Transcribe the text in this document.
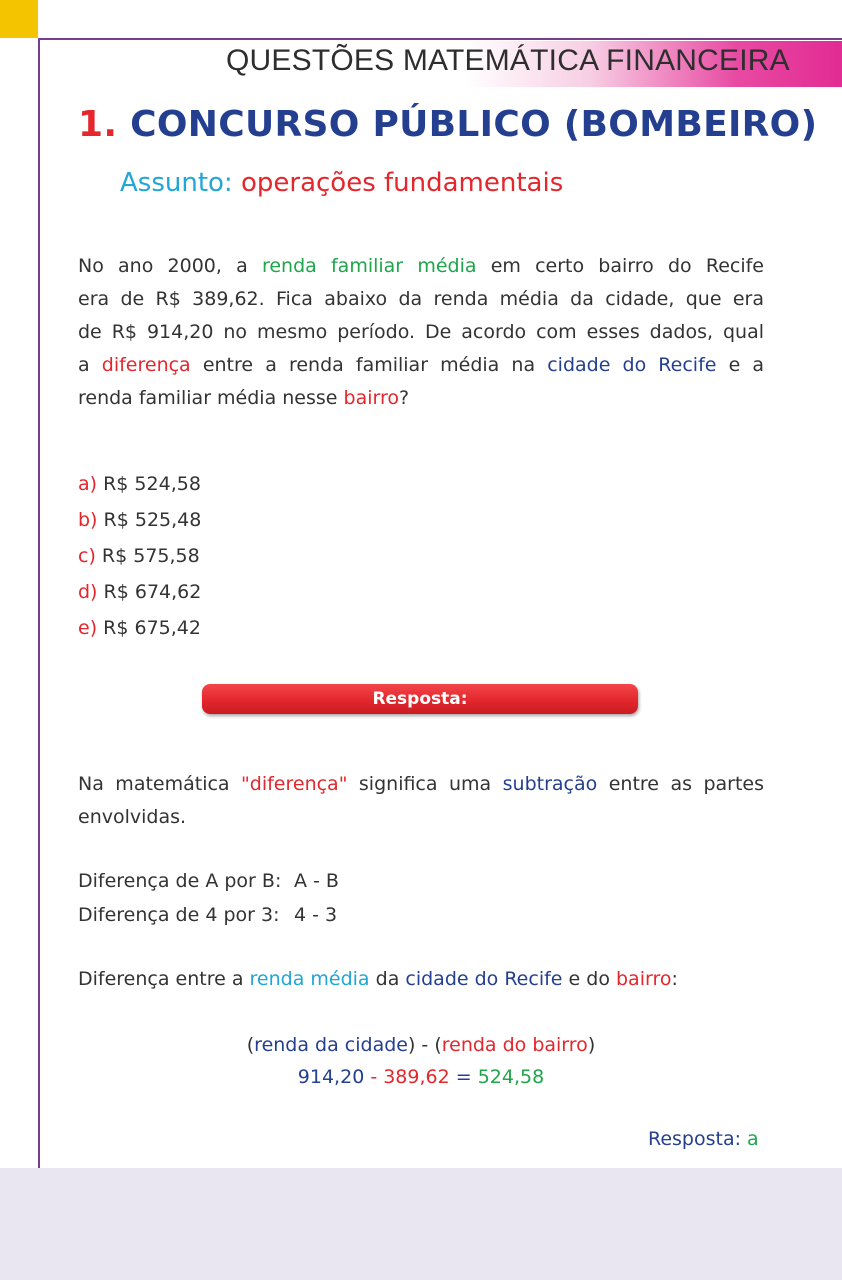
QUESTÕES MATEMÁTICA FINANCEIRA
1. CONCURSO PÚBLICO (BOMBEIRO)
Assunto: operações fundamentais
No ano 2000, a renda familiar média em certo bairro do Recife
era de R$ 389,62. Fica abaixo da renda média da cidade, que era
de R$ 914,20 no mesmo período. De acordo com esses dados, qual
a diferença entre a renda familiar média na cidade do Recife e a
renda familiar média nesse bairro?
a) R$ 524,58
b) R$ 525,48
c) R$ 575,58
d) R$ 674,62
e) R$ 675,42
Resposta:
Na matemática "diferença" significa uma subtração entre as partes
envolvidas.
Diferença de A por B: A - B
Diferença de 4 por 3: 4 - 3
Diferença entre a renda média da cidade do Recife e do bairro:
(renda da cidade) - (renda do bairro)
914,20 - 389,62 = 524,58
Resposta: a
